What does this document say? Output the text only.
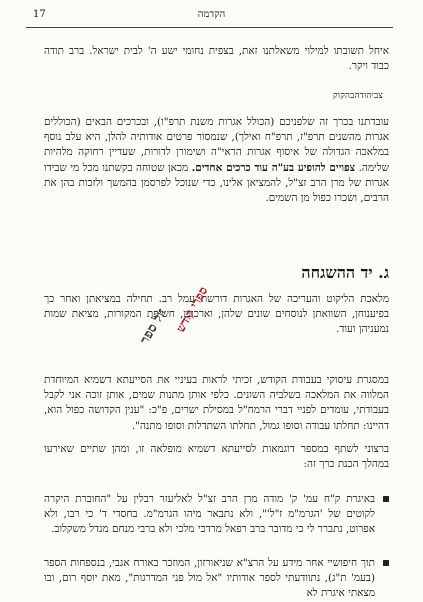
17	הקדמה

איחל תשובתו למילוי משאלתנו זאת, בצפית נחומי ישע ה' לבית ישראל. ברב תודה כבוד ויקר.

צביהודהבהקוק

עובדתנו בכרך זה שלפניכם (הכולל אגרות משנת תרפ"ו), ובכרכים הבאים (הכוללים אגרות מהשנים תרפ"ז, תרפ"ח ואילך), שנמסור פרטים אודותיה להלן, היא עלב נוסף במלאכה הגדולה של איסוף אגרות הראי"ה ושימורן לדורות, שעדיין רחוקה מלהיות שלימה. צפויים להופיע בע"ה עוד כרכים אחדים. מכאן שטוחה בקשתנו מכל מי שבידו אגרות של מרן הרב זצ"ל, להמציאן אלינו, כדי שנוכל לפרסמן בהמשך ולזכות בהן את הרבים, ושכרו כפול מן השמים.

ג. יד ההשגחה

מלאכת הליקוט והעריכה של האגרות דורשת עמל רב. תחילה במציאתן ואחר כך בפיענוחן, השוואתן לנוסחים שונים שלהן, וארכובן, חשיפת המקורות, מציאת שמות נמעניהן ועוד.

במסגרת עיסוקי בעבודת הקודש, זכיתי לראות בעיניי את הסייעתא דשמיא המיוחדת המלווה את המלאכה בשלביה השונים. כלפי אותן מתנות שמים, אותן זוכה אני לקבל בעבודתי, עומדים לפניי דברי הרמח"ל במסילת ישרים, פ"כ: "ענין הקדושה כפול הוא, דהיינו: תחלתו עבודה וסופו גמול, תחלתו השתדלות וסופו מתנה".

ברצוני לשתף במספר דוגמאות לסייעתא דשמיא מופלאה זו, ומהן שתיים שאירעו במהלך הכנת כרך זה:

באיגרת ק"ח עמ' ק' מודה מרן הרב זצ"ל לאליעזר רבלין על "החוברת היקרה לקוטים של 'הגרמ"מ ז"ל'", ולא נתבאר מיהו הגרמ"מ. בחסדי ד' כי רבו, ולא אפרוט, נתברר לי כי מדובר ברב רפאל מרדכי מלכי ולא ברבי מנחם מנדל משקלוב.
תוך חיפושיי אחר מידע על הרצ"א שניאורזון, המוזכר באורח אגבי, בנספחות הספר (בעמ' ת"ג), נתוודעתי לספר אודותיו "אל מול פני המדרגות", מאת יוסף רום, ובו מצאתי איגרת לא
זול ספר ספרי קודש
